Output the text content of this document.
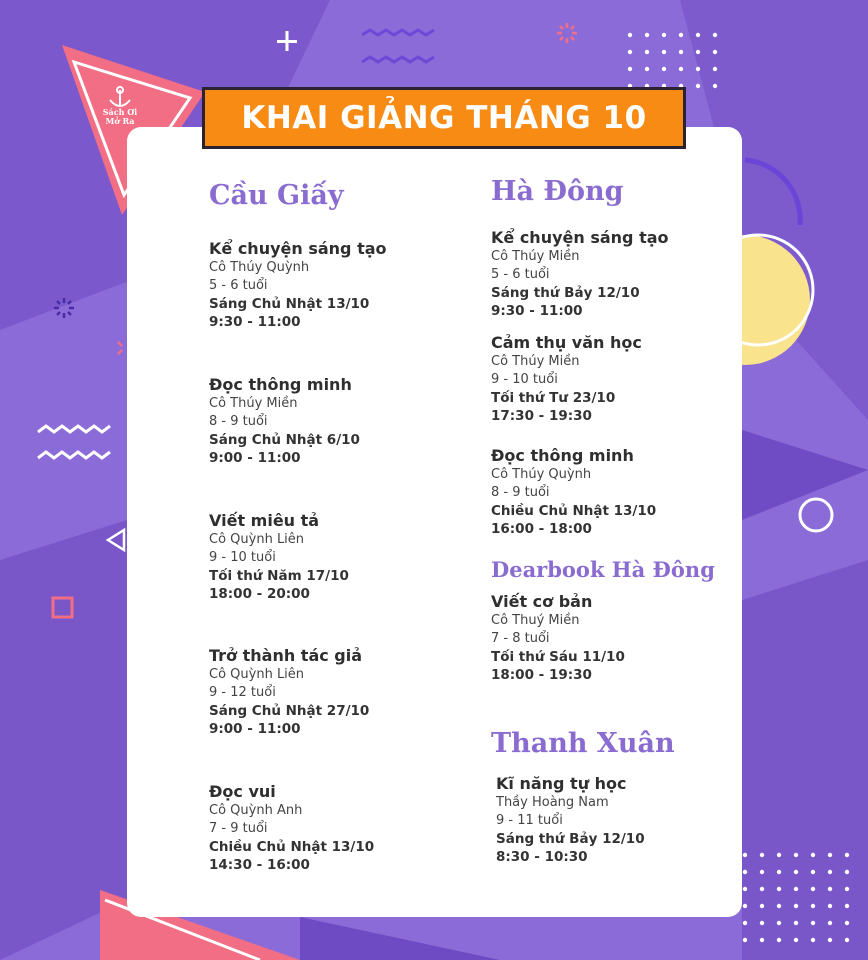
Sách Ơi
Mở Ra	KHAI GIẢNG THÁNG 10
Cầu Giấy	Hà Đông
Dearbook Hà Đông
Thanh Xuân
Kể chuyện sáng tạo
Cô Thúy Quỳnh
5 - 6 tuổi
Sáng Chủ Nhật 13/10
9:30 - 11:00
Đọc thông minh
Cô Thúy Miền
8 - 9 tuổi
Sáng Chủ Nhật 6/10
9:00 - 11:00
Viết miêu tả
Cô Quỳnh Liên
9 - 10 tuổi
Tối thứ Năm 17/10
18:00 - 20:00
Trở thành tác giả
Cô Quỳnh Liên
9 - 12 tuổi
Sáng Chủ Nhật 27/10
9:00 - 11:00
Đọc vui
Cô Quỳnh Anh
7 - 9 tuổi
Chiều Chủ Nhật 13/10
14:30 - 16:00
Kể chuyện sáng tạo
Cô Thúy Miền
5 - 6 tuổi
Sáng thứ Bảy 12/10
9:30 - 11:00
Cảm thụ văn học
Cô Thúy Miền
9 - 10 tuổi
Tối thứ Tư 23/10
17:30 - 19:30
Đọc thông minh
Cô Thúy Quỳnh
8 - 9 tuổi
Chiều Chủ Nhật 13/10
16:00 - 18:00
Viết cơ bản
Cô Thuý Miền
7 - 8 tuổi
Tối thứ Sáu 11/10
18:00 - 19:30
Kĩ năng tự học
Thầy Hoàng Nam
9 - 11 tuổi
Sáng thứ Bảy 12/10
8:30 - 10:30
